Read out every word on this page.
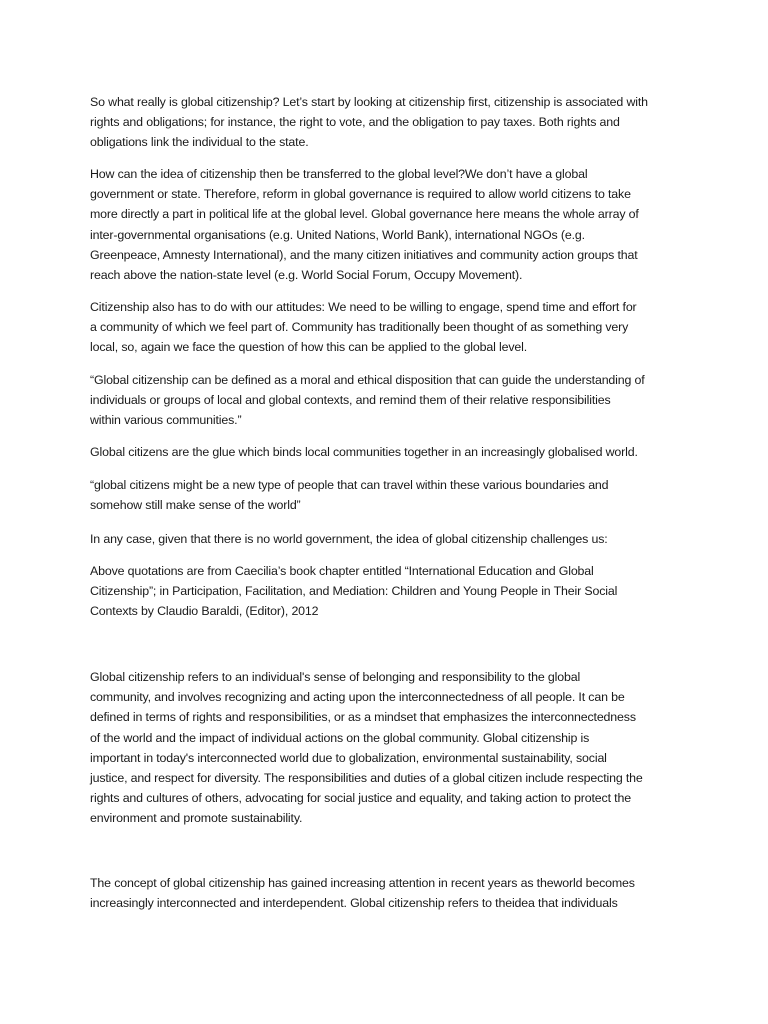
So what really is global citizenship? Let’s start by looking at citizenship first, citizenship is associated with
rights and obligations; for instance, the right to vote, and the obligation to pay taxes. Both rights and
obligations link the individual to the state.

How can the idea of citizenship then be transferred to the global level?We don’t have a global
government or state. Therefore, reform in global governance is required to allow world citizens to take
more directly a part in political life at the global level. Global governance here means the whole array of
inter-governmental organisations (e.g. United Nations, World Bank), international NGOs (e.g.
Greenpeace, Amnesty International), and the many citizen initiatives and community action groups that
reach above the nation-state level (e.g. World Social Forum, Occupy Movement).

Citizenship also has to do with our attitudes: We need to be willing to engage, spend time and effort for
a community of which we feel part of. Community has traditionally been thought of as something very
local, so, again we face the question of how this can be applied to the global level.

“Global citizenship can be defined as a moral and ethical disposition that can guide the understanding of
individuals or groups of local and global contexts, and remind them of their relative responsibilities
within various communities.”

Global citizens are the glue which binds local communities together in an increasingly globalised world.

“global citizens might be a new type of people that can travel within these various boundaries and
somehow still make sense of the world”

In any case, given that there is no world government, the idea of global citizenship challenges us:

Above quotations are from Caecilia’s book chapter entitled “International Education and Global
Citizenship”; in Participation, Facilitation, and Mediation: Children and Young People in Their Social
Contexts by Claudio Baraldi, (Editor), 2012

Global citizenship refers to an individual's sense of belonging and responsibility to the global
community, and involves recognizing and acting upon the interconnectedness of all people. It can be
defined in terms of rights and responsibilities, or as a mindset that emphasizes the interconnectedness
of the world and the impact of individual actions on the global community. Global citizenship is
important in today's interconnected world due to globalization, environmental sustainability, social
justice, and respect for diversity. The responsibilities and duties of a global citizen include respecting the
rights and cultures of others, advocating for social justice and equality, and taking action to protect the
environment and promote sustainability.

The concept of global citizenship has gained increasing attention in recent years as theworld becomes
increasingly interconnected and interdependent. Global citizenship refers to theidea that individuals
